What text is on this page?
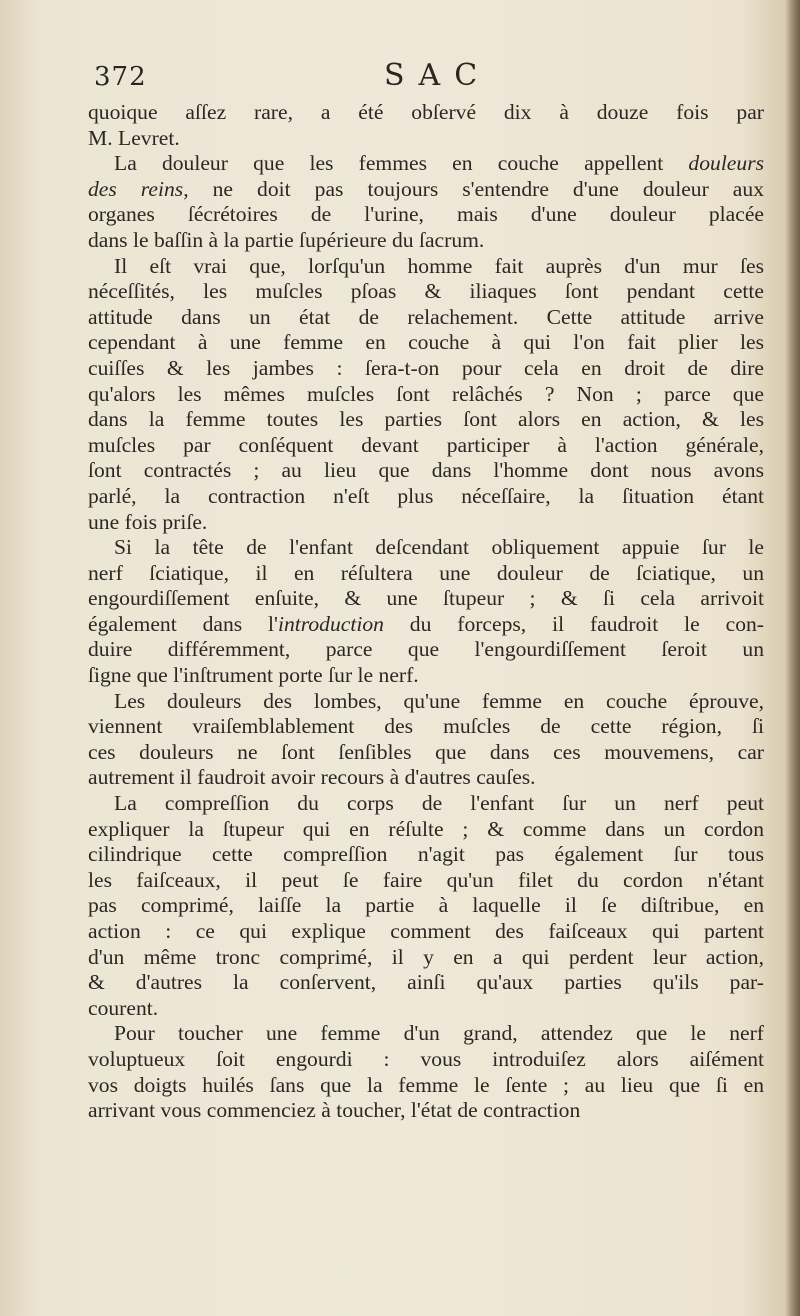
372	SAC
quoique aſſez rare, a été obſervé dix à douze fois par
M. Levret.
La douleur que les femmes en couche appellent douleurs
des reins, ne doit pas toujours s'entendre d'une douleur aux
organes ſécrétoires de l'urine, mais d'une douleur placée
dans le baſſin à la partie ſupérieure du ſacrum.
Il eſt vrai que, lorſqu'un homme fait auprès d'un mur ſes
néceſſités, les muſcles pſoas & iliaques ſont pendant cette
attitude dans un état de relachement. Cette attitude arrive
cependant à une femme en couche à qui l'on fait plier les
cuiſſes & les jambes : ſera-t-on pour cela en droit de dire
qu'alors les mêmes muſcles ſont relâchés ? Non ; parce que
dans la femme toutes les parties ſont alors en action, & les
muſcles par conſéquent devant participer à l'action générale,
ſont contractés ; au lieu que dans l'homme dont nous avons
parlé, la contraction n'eſt plus néceſſaire, la ſituation étant
une fois priſe.
Si la tête de l'enfant deſcendant obliquement appuie ſur le
nerf ſciatique, il en réſultera une douleur de ſciatique, un
engourdiſſement enſuite, & une ſtupeur ; & ſi cela arrivoit
également dans l'introduction du forceps, il faudroit le con-
duire différemment, parce que l'engourdiſſement ſeroit un
ſigne que l'inſtrument porte ſur le nerf.
Les douleurs des lombes, qu'une femme en couche éprouve,
viennent vraiſemblablement des muſcles de cette région, ſi
ces douleurs ne ſont ſenſibles que dans ces mouvemens, car
autrement il faudroit avoir recours à d'autres cauſes.
La compreſſion du corps de l'enfant ſur un nerf peut
expliquer la ſtupeur qui en réſulte ; & comme dans un cordon
cilindrique cette compreſſion n'agit pas également ſur tous
les faiſceaux, il peut ſe faire qu'un filet du cordon n'étant
pas comprimé, laiſſe la partie à laquelle il ſe diſtribue, en
action : ce qui explique comment des faiſceaux qui partent
d'un même tronc comprimé, il y en a qui perdent leur action,
& d'autres la conſervent, ainſi qu'aux parties qu'ils par-
courent.
Pour toucher une femme d'un grand, attendez que le nerf
voluptueux ſoit engourdi : vous introduiſez alors aiſément
vos doigts huilés ſans que la femme le ſente ; au lieu que ſi en
arrivant vous commenciez à toucher, l'état de contraction
